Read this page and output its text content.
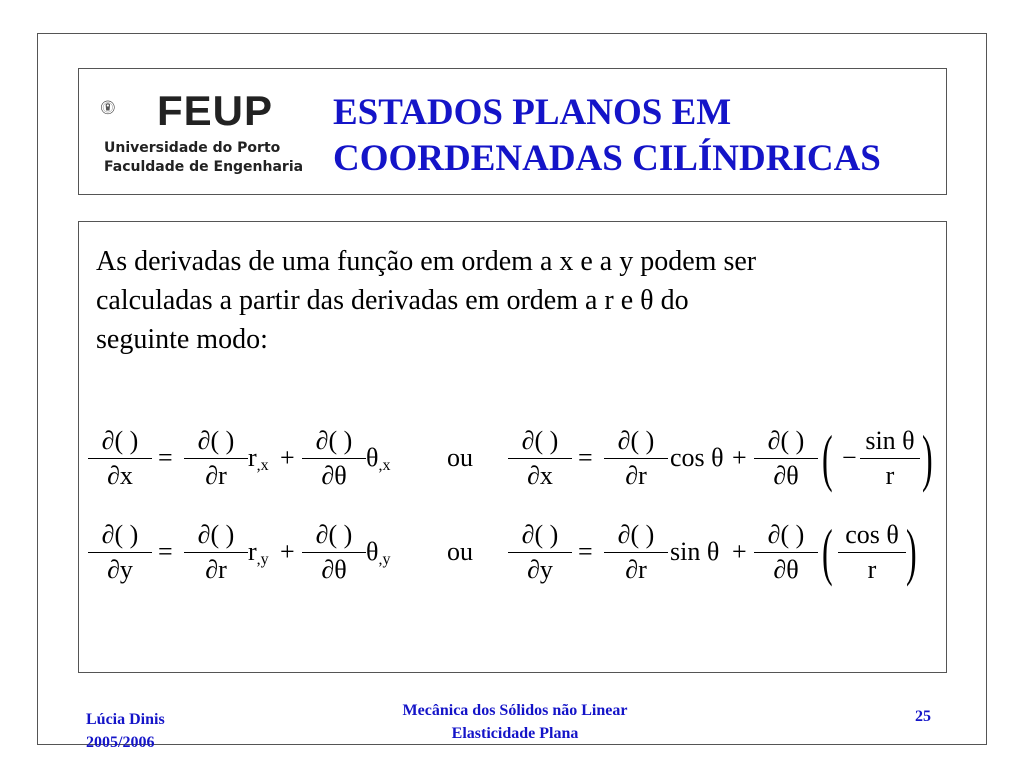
FEUP
Universidade do Porto
Faculdade de Engenharia
ESTADOS PLANOS EM
COORDENADAS CILÍNDRICAS
As derivadas de uma função em ordem a x e a y podem ser
calculadas a partir das derivadas em ordem a r e θ do
seguinte modo:
∂( )
∂x
=
∂( )
∂r
$r_{,x}$ +
∂( )
∂θ
$\theta_{,x}$ ou
∂( )
∂x
=
∂( )
∂r
cos θ +
∂( )
∂θ ( − $\frac{\text{sin θ}}{r}$ )
∂( )
∂y
=
∂( )
∂r
$r_{,y}$ +
∂( )
∂θ
$\theta_{,y}$ ou
∂( )
∂y
=
∂( )
∂r
sin θ +
∂( )
∂θ ( $\frac{\text{cos θ}}{r}$ )
Lúcia Dinis
2005/2006
Mecânica dos Sólidos não Linear
Elasticidade Plana
25
